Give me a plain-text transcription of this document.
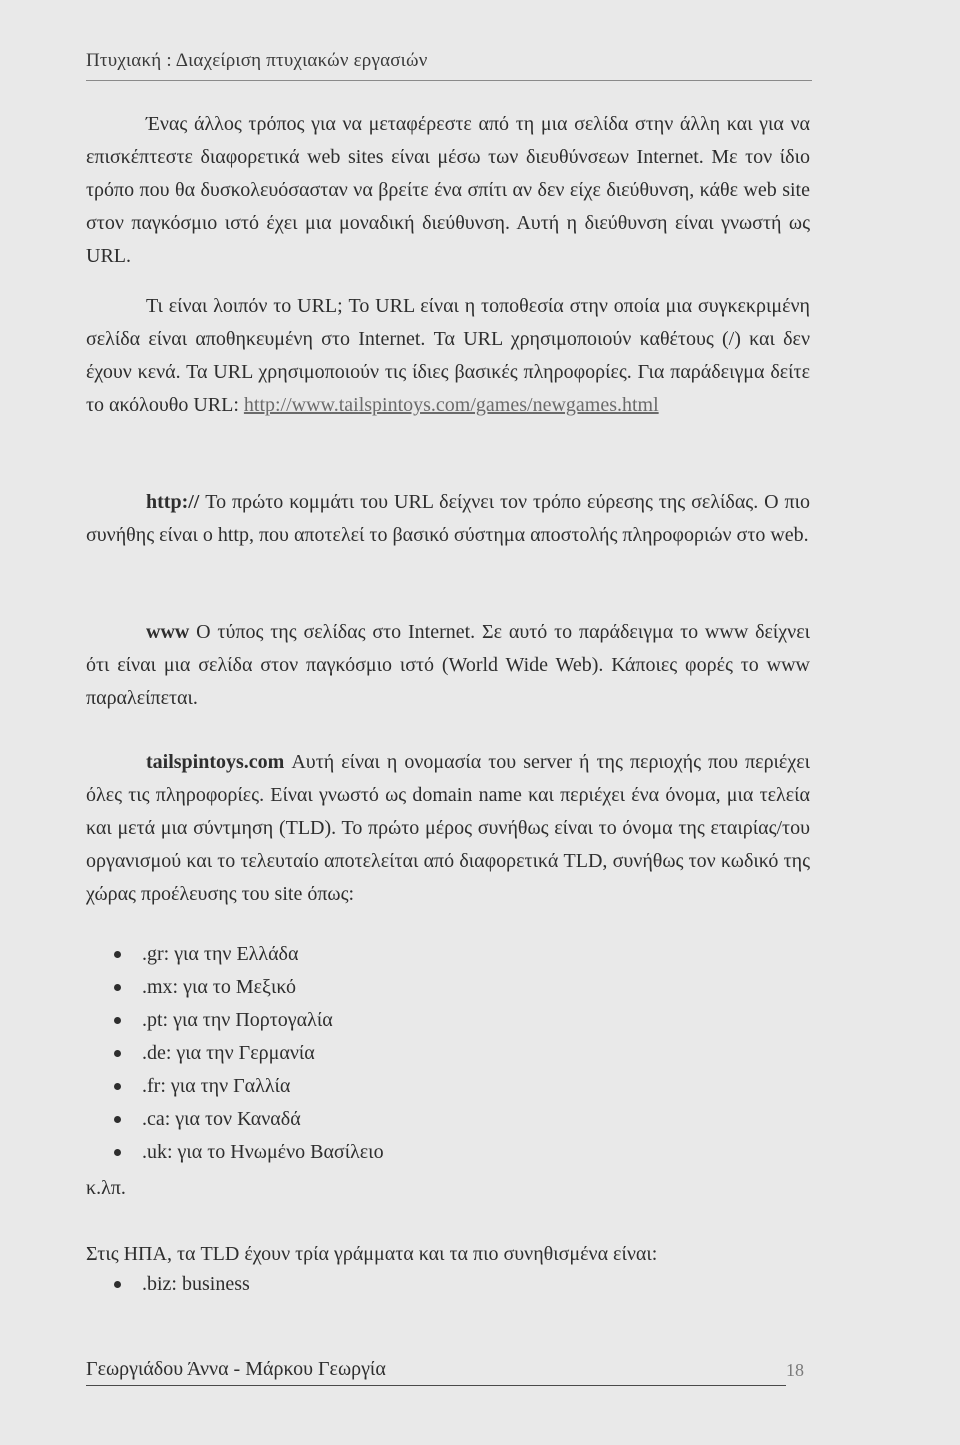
Πτυχιακή : Διαχείριση πτυχιακών εργασιών
Ένας άλλος τρόπος για να μεταφέρεστε από τη μια σελίδα στην άλλη και για να επισκέπτεστε διαφορετικά web sites είναι μέσω των διευθύνσεων Internet. Με τον ίδιο τρόπο που θα δυσκολευόσασταν να βρείτε ένα σπίτι αν δεν είχε διεύθυνση, κάθε web site στον παγκόσμιο ιστό έχει μια μοναδική διεύθυνση. Αυτή η διεύθυνση είναι γνωστή ως URL.
Τι είναι λοιπόν το URL; Το URL είναι η τοποθεσία στην οποία μια συγκεκριμένη σελίδα είναι αποθηκευμένη στο Internet. Τα URL χρησιμοποιούν καθέτους (/) και δεν έχουν κενά. Τα URL χρησιμοποιούν τις ίδιες βασικές πληροφορίες. Για παράδειγμα δείτε το ακόλουθο URL: http://www.tailspintoys.com/games/newgames.html
http:// Το πρώτο κομμάτι του URL δείχνει τον τρόπο εύρεσης της σελίδας. Ο πιο συνήθης είναι ο http, που αποτελεί το βασικό σύστημα αποστολής πληροφοριών στο web.
www Ο τύπος της σελίδας στο Internet. Σε αυτό το παράδειγμα το www δείχνει ότι είναι μια σελίδα στον παγκόσμιο ιστό (World Wide Web). Κάποιες φορές το www παραλείπεται.
tailspintoys.com Αυτή είναι η ονομασία του server ή της περιοχής που περιέχει όλες τις πληροφορίες. Είναι γνωστό ως domain name και περιέχει ένα όνομα, μια τελεία και μετά μια σύντμηση (TLD). Το πρώτο μέρος συνήθως είναι το όνομα της εταιρίας/του οργανισμού και το τελευταίο αποτελείται από διαφορετικά TLD, συνήθως τον κωδικό της χώρας προέλευσης του site όπως:
.gr: για την Ελλάδα
.mx: για το Μεξικό
.pt: για την Πορτογαλία
.de: για την Γερμανία
.fr: για την Γαλλία
.ca: για τον Καναδά
.uk: για το Ηνωμένο Βασίλειο
κ.λπ.
Στις ΗΠΑ, τα TLD έχουν τρία γράμματα και τα πιο συνηθισμένα είναι:
.biz: business
Γεωργιάδου Άννα - Μάρκου Γεωργία	18
